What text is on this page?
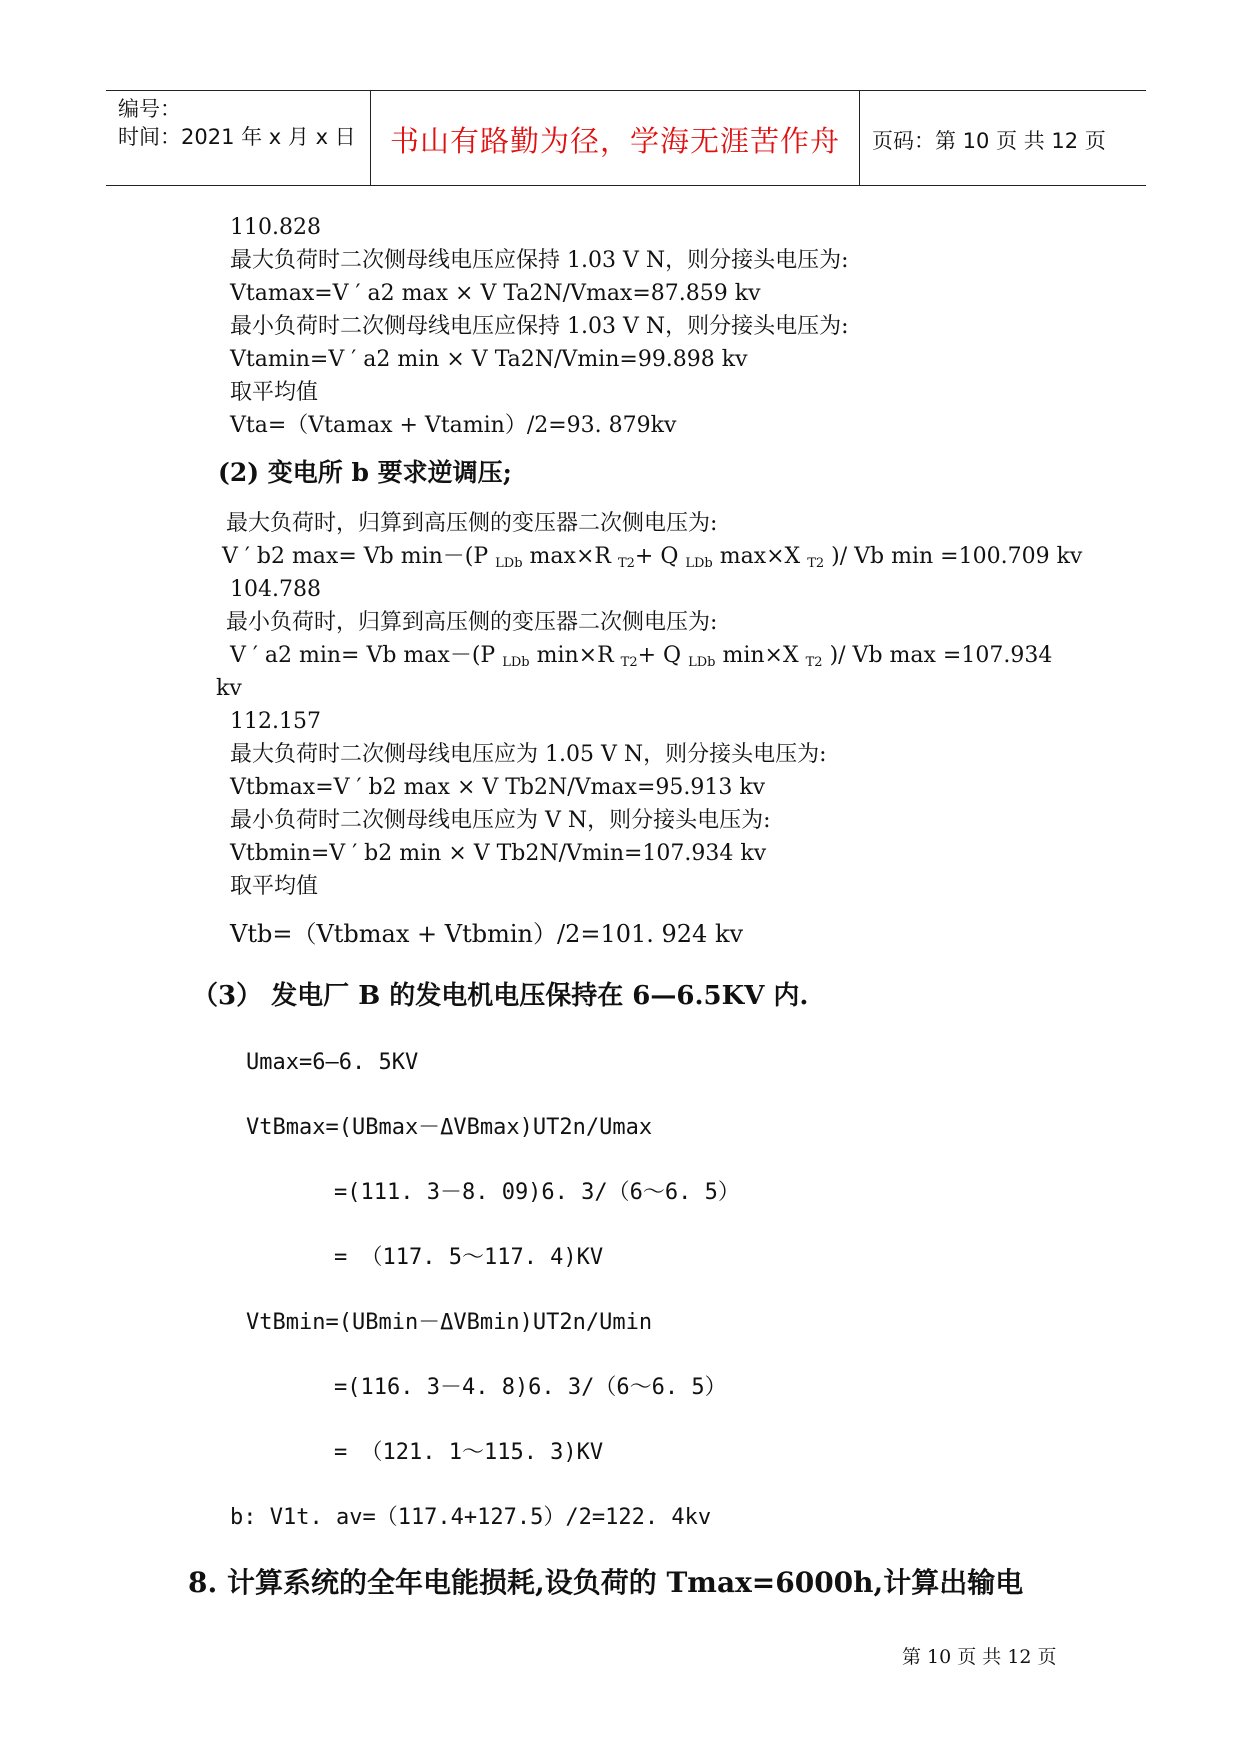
编号：
时间：2021 年 x 月 x 日	书山有路勤为径，学海无涯苦作舟	页码：第 10 页 共 12 页
110.828
最大负荷时二次侧母线电压应保持 1.03 V N，则分接头电压为:
Vtamax=V ′ a2 max × V Ta2N/Vmax=87.859 kv
最小负荷时二次侧母线电压应保持 1.03 V N，则分接头电压为:
Vtamin=V ′ a2 min × V Ta2N/Vmin=99.898 kv
取平均值
Vta=（Vtamax + Vtamin）/2=93. 879kv
(2) 变电所 b 要求逆调压;
最大负荷时，归算到高压侧的变压器二次侧电压为:
V ′ b2 max= Vb min－(P $_{LDb}$ max×R $_{T2}$+ Q $_{LDb}$ max×X $_{T2}$ )/ Vb min =100.709 kv
104.788
最小负荷时，归算到高压侧的变压器二次侧电压为:
V ′ a2 min= Vb max－(P $_{LDb}$ min×R $_{T2}$+ Q $_{LDb}$ min×X $_{T2}$ )/ Vb max =107.934
kv
112.157
最大负荷时二次侧母线电压应为 1.05 V N，则分接头电压为:
Vtbmax=V ′ b2 max × V Tb2N/Vmax=95.913 kv
最小负荷时二次侧母线电压应为 V N，则分接头电压为:
Vtbmin=V ′ b2 min × V Tb2N/Vmin=107.934 kv
取平均值
Vtb=（Vtbmax + Vtbmin）/2=101. 924 kv
（3） 发电厂 B 的发电机电压保持在 6—6.5KV 内.
Umax=6—6. 5KV
VtBmax=(UBmax－ΔVBmax)UT2n/Umax
=(111. 3－8. 09)6. 3/（6～6. 5）
= （117. 5～117. 4)KV
VtBmin=(UBmin－ΔVBmin)UT2n/Umin
=(116. 3－4. 8)6. 3/（6～6. 5）
= （121. 1～115. 3)KV
b: V1t. av=（117.4+127.5）/2=122. 4kv
8. 计算系统的全年电能损耗,设负荷的 Tmax=6000h,计算出输电
第 10 页 共 12 页
